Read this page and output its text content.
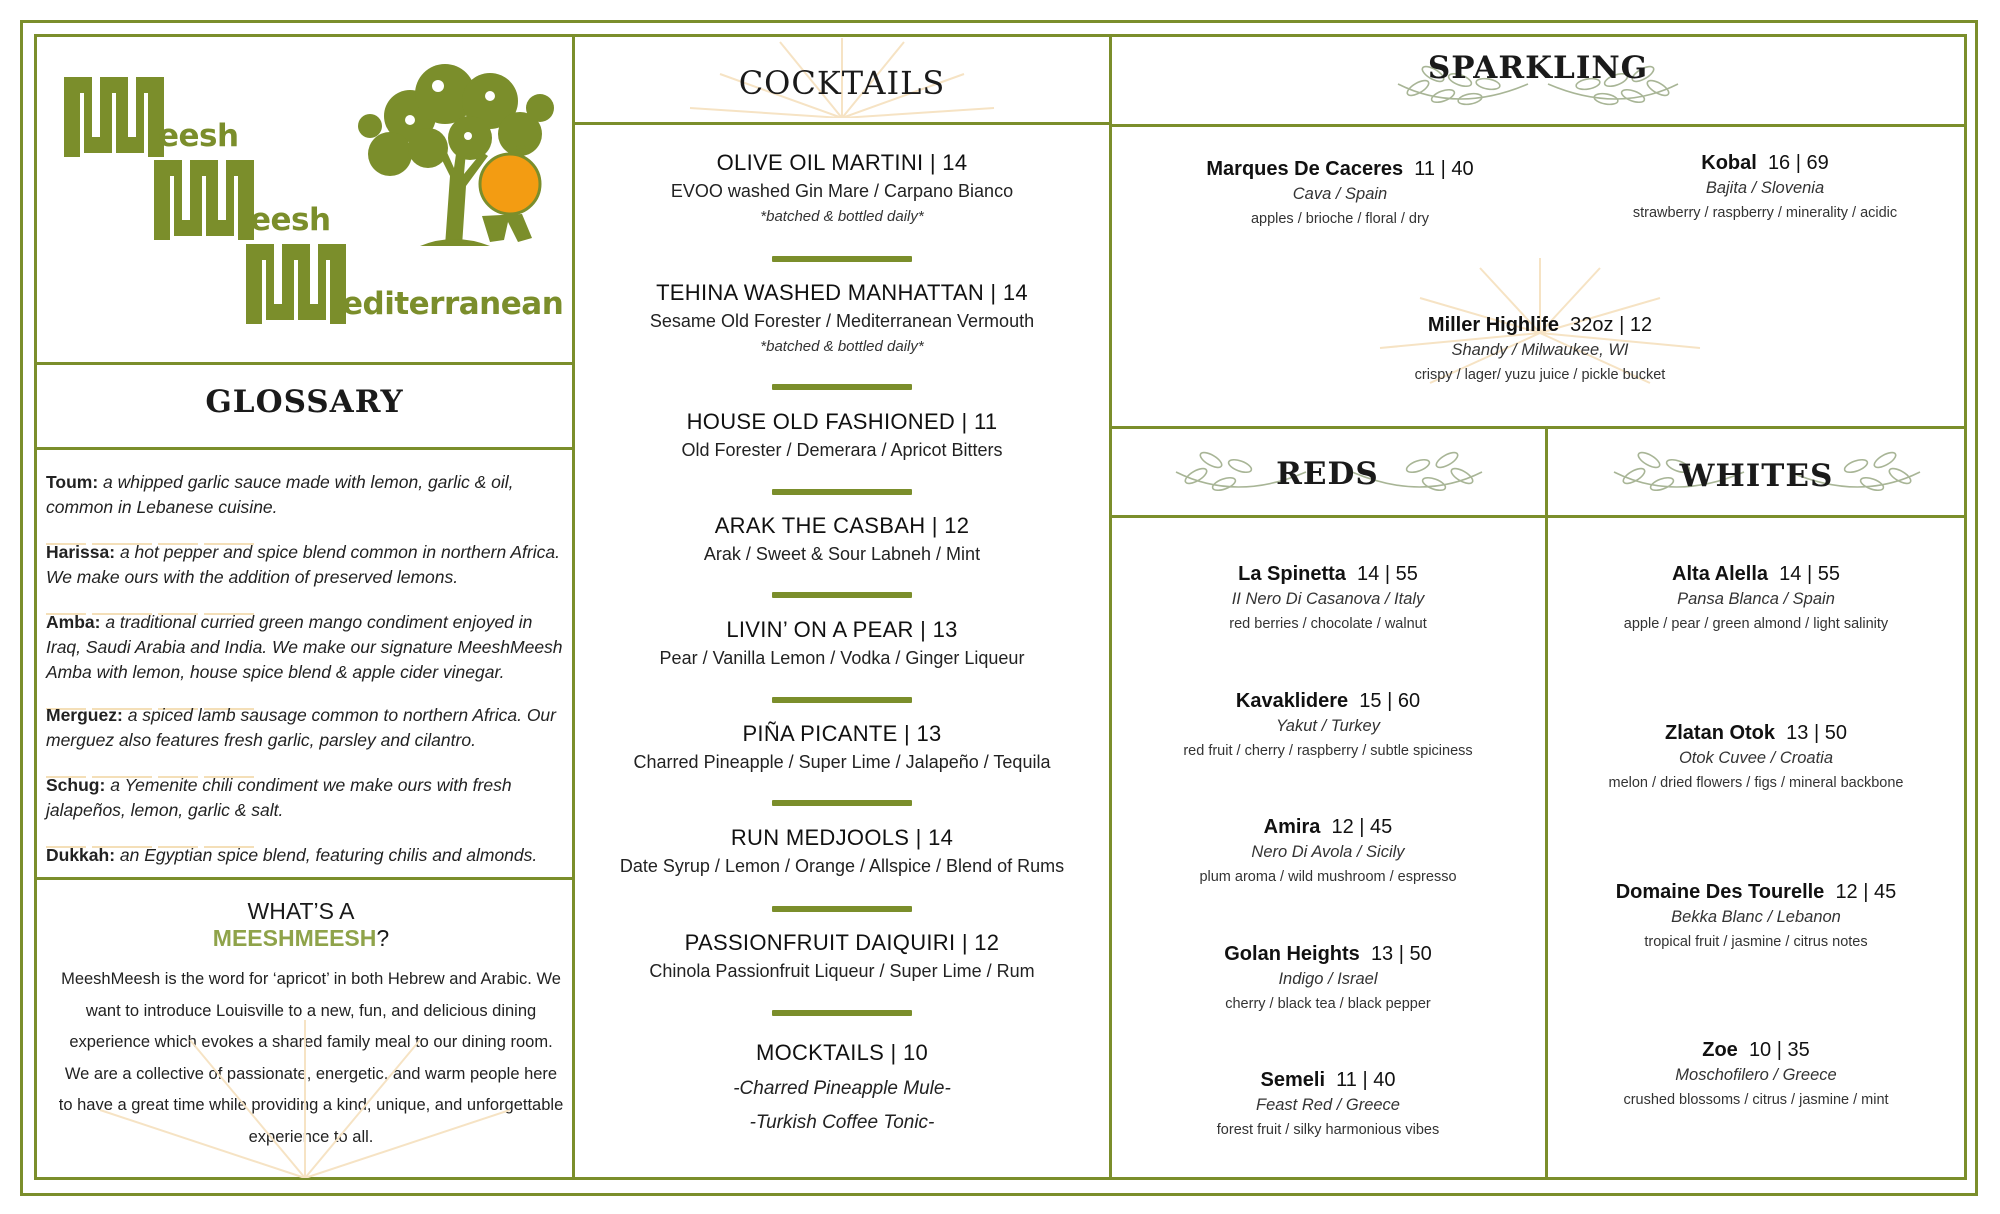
eesh
eesh
editerranean
GLOSSARY
Toum: a whipped garlic sauce made with lemon, garlic & oil, common in Lebanese cuisine.
Harissa: a hot pepper and spice blend common in northern Africa. We make ours with the addition of preserved lemons.
Amba: a traditional curried green mango condiment enjoyed in Iraq, Saudi Arabia and India. We make our signature MeeshMeesh Amba with lemon, house spice blend & apple cider vinegar.
Merguez: a spiced lamb sausage common to northern Africa. Our merguez also features fresh garlic, parsley and cilantro.
Schug: a Yemenite chili condiment we make ours with fresh jalapeños, lemon, garlic & salt.
Dukkah: an Egyptian spice blend, featuring chilis and almonds.
WHAT’S A
MEESHMEESH?
MeeshMeesh is the word for ‘apricot’ in both Hebrew and Arabic. We want to introduce Louisville to a new, fun, and delicious dining experience which evokes a shared family meal to our dining room. We are a collective of passionate, energetic, and warm people here to have a great time while providing a kind, unique, and unforgettable experience to all.
COCKTAILS
OLIVE OIL MARTINI | 14
EVOO washed Gin Mare / Carpano Bianco
*batched & bottled daily*
TEHINA WASHED MANHATTAN | 14
Sesame Old Forester / Mediterranean Vermouth
*batched & bottled daily*
HOUSE OLD FASHIONED | 11
Old Forester / Demerara / Apricot Bitters
ARAK THE CASBAH | 12
Arak / Sweet & Sour Labneh / Mint
LIVIN’ ON A PEAR | 13
Pear / Vanilla Lemon / Vodka / Ginger Liqueur
PIÑA PICANTE | 13
Charred Pineapple / Super Lime / Jalapeño / Tequila
RUN MEDJOOLS | 14
Date Syrup / Lemon / Orange / Allspice / Blend of Rums
PASSIONFRUIT DAIQUIRI | 12
Chinola Passionfruit Liqueur / Super Lime / Rum
MOCKTAILS | 10
-Charred Pineapple Mule-
-Turkish Coffee Tonic-
SPARKLING
Marques De Caceres 11 | 40
Cava / Spain
apples / brioche / floral / dry
Kobal 16 | 69
Bajita / Slovenia
strawberry / raspberry / minerality / acidic
Miller Highlife 32oz | 12
Shandy / Milwaukee, WI
crispy / lager/ yuzu juice / pickle bucket
REDS	WHITES
La Spinetta 14 | 55
II Nero Di Casanova / Italy
red berries / chocolate / walnut
Kavaklidere 15 | 60
Yakut / Turkey
red fruit / cherry / raspberry / subtle spiciness
Amira 12 | 45
Nero Di Avola / Sicily
plum aroma / wild mushroom / espresso
Golan Heights 13 | 50
Indigo / Israel
cherry / black tea / black pepper
Semeli 11 | 40
Feast Red / Greece
forest fruit / silky harmonious vibes
Alta Alella 14 | 55
Pansa Blanca / Spain
apple / pear / green almond / light salinity
Zlatan Otok 13 | 50
Otok Cuvee / Croatia
melon / dried flowers / figs / mineral backbone
Domaine Des Tourelle 12 | 45
Bekka Blanc / Lebanon
tropical fruit / jasmine / citrus notes
Zoe 10 | 35
Moschofilero / Greece
crushed blossoms / citrus / jasmine / mint
